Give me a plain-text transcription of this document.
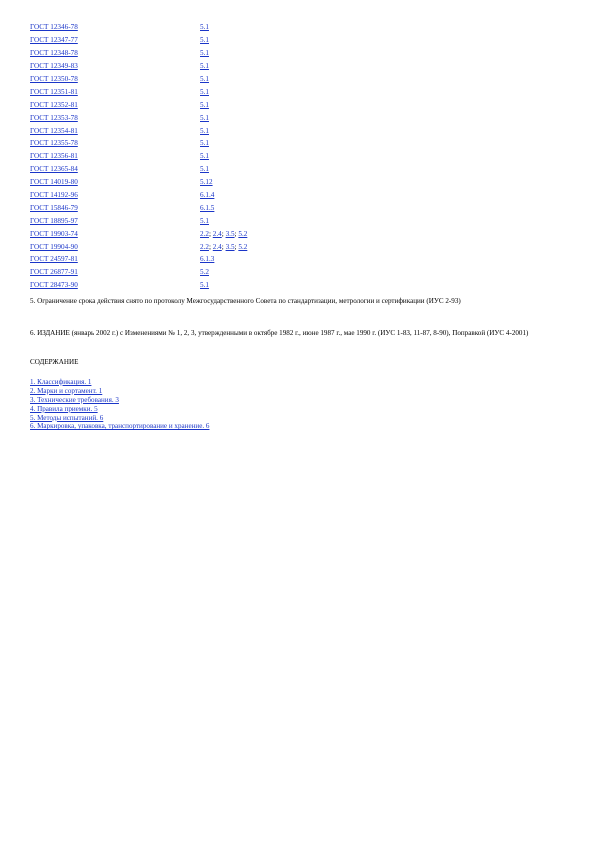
ГОСТ 12346-78	5.1
ГОСТ 12347-77	5.1
ГОСТ 12348-78	5.1
ГОСТ 12349-83	5.1
ГОСТ 12350-78	5.1
ГОСТ 12351-81	5.1
ГОСТ 12352-81	5.1
ГОСТ 12353-78	5.1
ГОСТ 12354-81	5.1
ГОСТ 12355-78	5.1
ГОСТ 12356-81	5.1
ГОСТ 12365-84	5.1
ГОСТ 14019-80	5.12
ГОСТ 14192-96	6.1.4
ГОСТ 15846-79	6.1.5
ГОСТ 18895-97	5.1
ГОСТ 19903-74	2.2; 2.4; 3.5; 5.2
ГОСТ 19904-90	2.2; 2.4; 3.5; 5.2
ГОСТ 24597-81	6.1.3
ГОСТ 26877-91	5.2
ГОСТ 28473-90	5.1
5. Ограничение срока действия снято по протоколу Межгосударственного Совета по стандартизации, метрологии и сертификации (ИУС 2-93)
6. ИЗДАНИЕ (январь 2002 г.) с Изменениями № 1, 2, 3, утвержденными в октябре 1982 г., июне 1987 г., мае 1990 г. (ИУС 1-83, 11-87, 8-90), Поправкой (ИУС 4-2001)
СОДЕРЖАНИЕ
1. Классификация. 1
2. Марки и сортамент. 1
3. Технические требования. 3
4. Правила приемки. 5
5. Методы испытаний. 6
6. Маркировка, упаковка, транспортирование и хранение. 6
